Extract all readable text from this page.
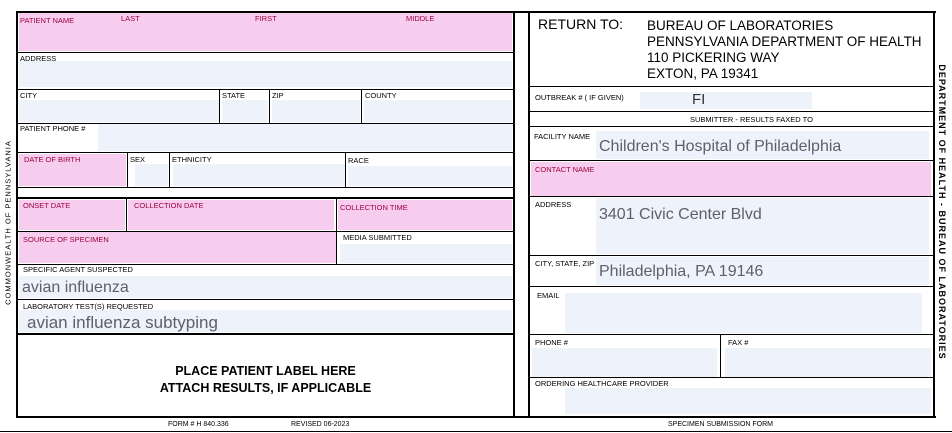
PATIENT NAME	LAST	FIRST	MIDDLE
ADDRESS
CITY	STATE	ZIP	COUNTY
PATIENT PHONE #
DATE OF BIRTH	SEX	ETHNICITY	RACE
ONSET DATE	COLLECTION DATE	COLLECTION TIME
SOURCE OF SPECIMEN	MEDIA SUBMITTED
SPECIFIC AGENT SUSPECTED
avian influenza
LABORATORY TEST(S) REQUESTED
avian influenza subtyping
PLACE PATIENT LABEL HERE
ATTACH RESULTS, IF APPLICABLE
FORM # H 840.336	REVISED 06-2023	SPECIMEN SUBMISSION FORM
COMMONWEALTH OF PENNSYLVANIA	DEPARTMENT OF HEALTH - BUREAU OF LABORATORIES
RETURN TO: BUREAU OF LABORATORIES
PENNSYLVANIA DEPARTMENT OF HEALTH
110 PICKERING WAY
EXTON, PA 19341
OUTBREAK # ( IF GIVEN)	FI
SUBMITTER - RESULTS FAXED TO
FACILITY NAME
Children's Hospital of Philadelphia
CONTACT NAME
ADDRESS
3401 Civic Center Blvd
CITY, STATE, ZIP Philadelphia, PA 19146
EMAIL
PHONE #	FAX #
ORDERING HEALTHCARE PROVIDER
